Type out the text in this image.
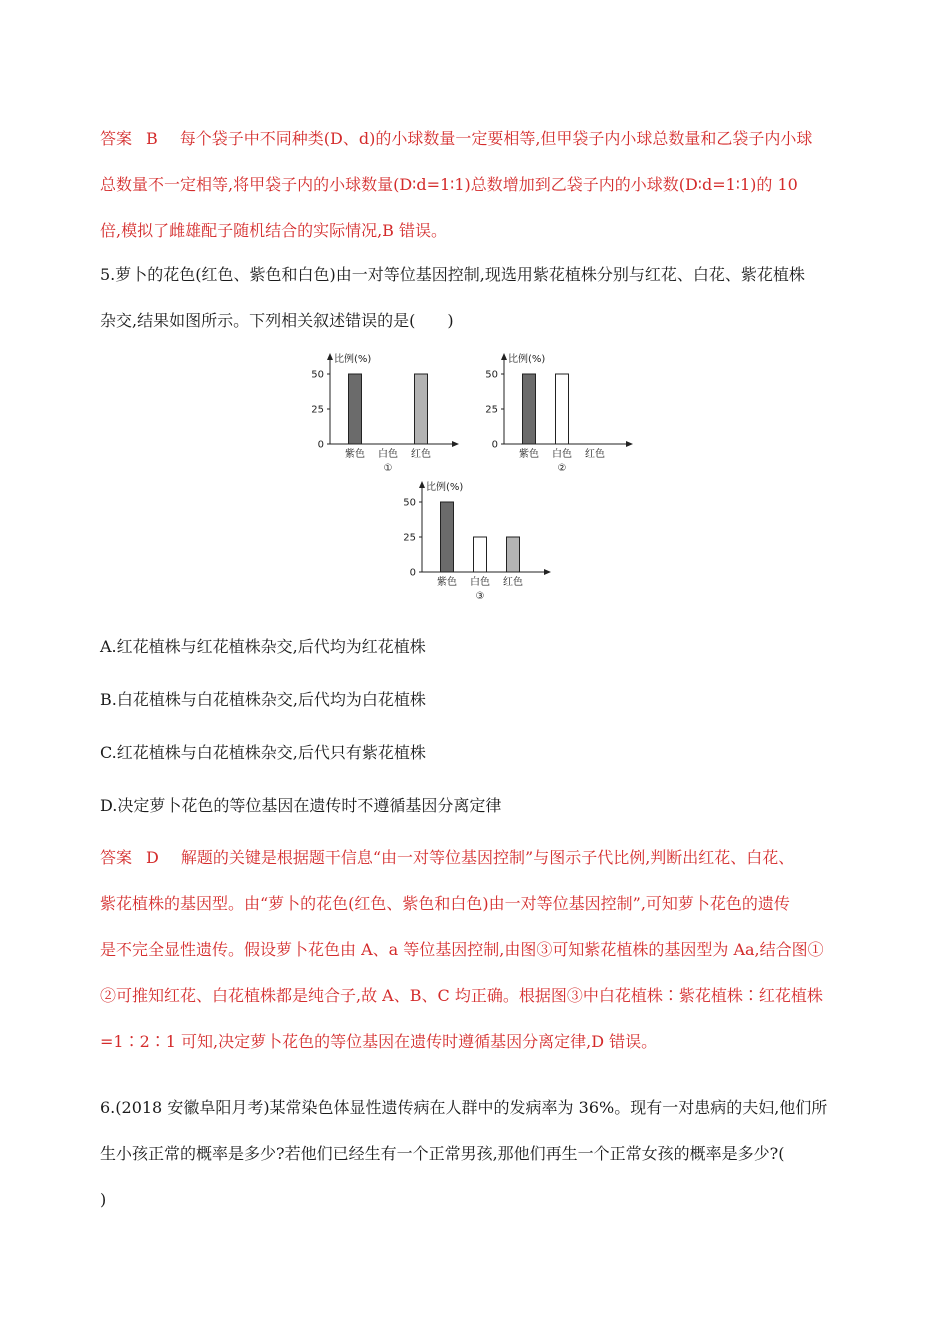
答案 B 每个袋子中不同种类(D、d)的小球数量一定要相等,但甲袋子内小球总数量和乙袋子内小球
总数量不一定相等,将甲袋子内的小球数量(D∶d=1∶1)总数增加到乙袋子内的小球数(D∶d=1∶1)的 10
倍,模拟了雌雄配子随机结合的实际情况,B 错误。
5.萝卜的花色(红色、紫色和白色)由一对等位基因控制,现选用紫花植株分别与红花、白花、紫花植株
杂交,结果如图所示。下列相关叙述错误的是(　　)
比例(%)
0
25
50
紫色 白色 红色
①
比例(%)
0
25
50
紫色 白色 红色
②
比例(%)
0
25
50
紫色 白色 红色
③
A.红花植株与红花植株杂交,后代均为红花植株
B.白花植株与白花植株杂交,后代均为白花植株
C.红花植株与白花植株杂交,后代只有紫花植株
D.决定萝卜花色的等位基因在遗传时不遵循基因分离定律
答案 D 解题的关键是根据题干信息“由一对等位基因控制”与图示子代比例,判断出红花、白花、
紫花植株的基因型。由“萝卜的花色(红色、紫色和白色)由一对等位基因控制”,可知萝卜花色的遗传
是不完全显性遗传。假设萝卜花色由 A、a 等位基因控制,由图③可知紫花植株的基因型为 Aa,结合图①
②可推知红花、白花植株都是纯合子,故 A、B、C 均正确。根据图③中白花植株∶紫花植株∶红花植株
=1∶2∶1 可知,决定萝卜花色的等位基因在遗传时遵循基因分离定律,D 错误。
6.(2018 安徽阜阳月考)某常染色体显性遗传病在人群中的发病率为 36%。现有一对患病的夫妇,他们所
生小孩正常的概率是多少?若他们已经生有一个正常男孩,那他们再生一个正常女孩的概率是多少?(
)
